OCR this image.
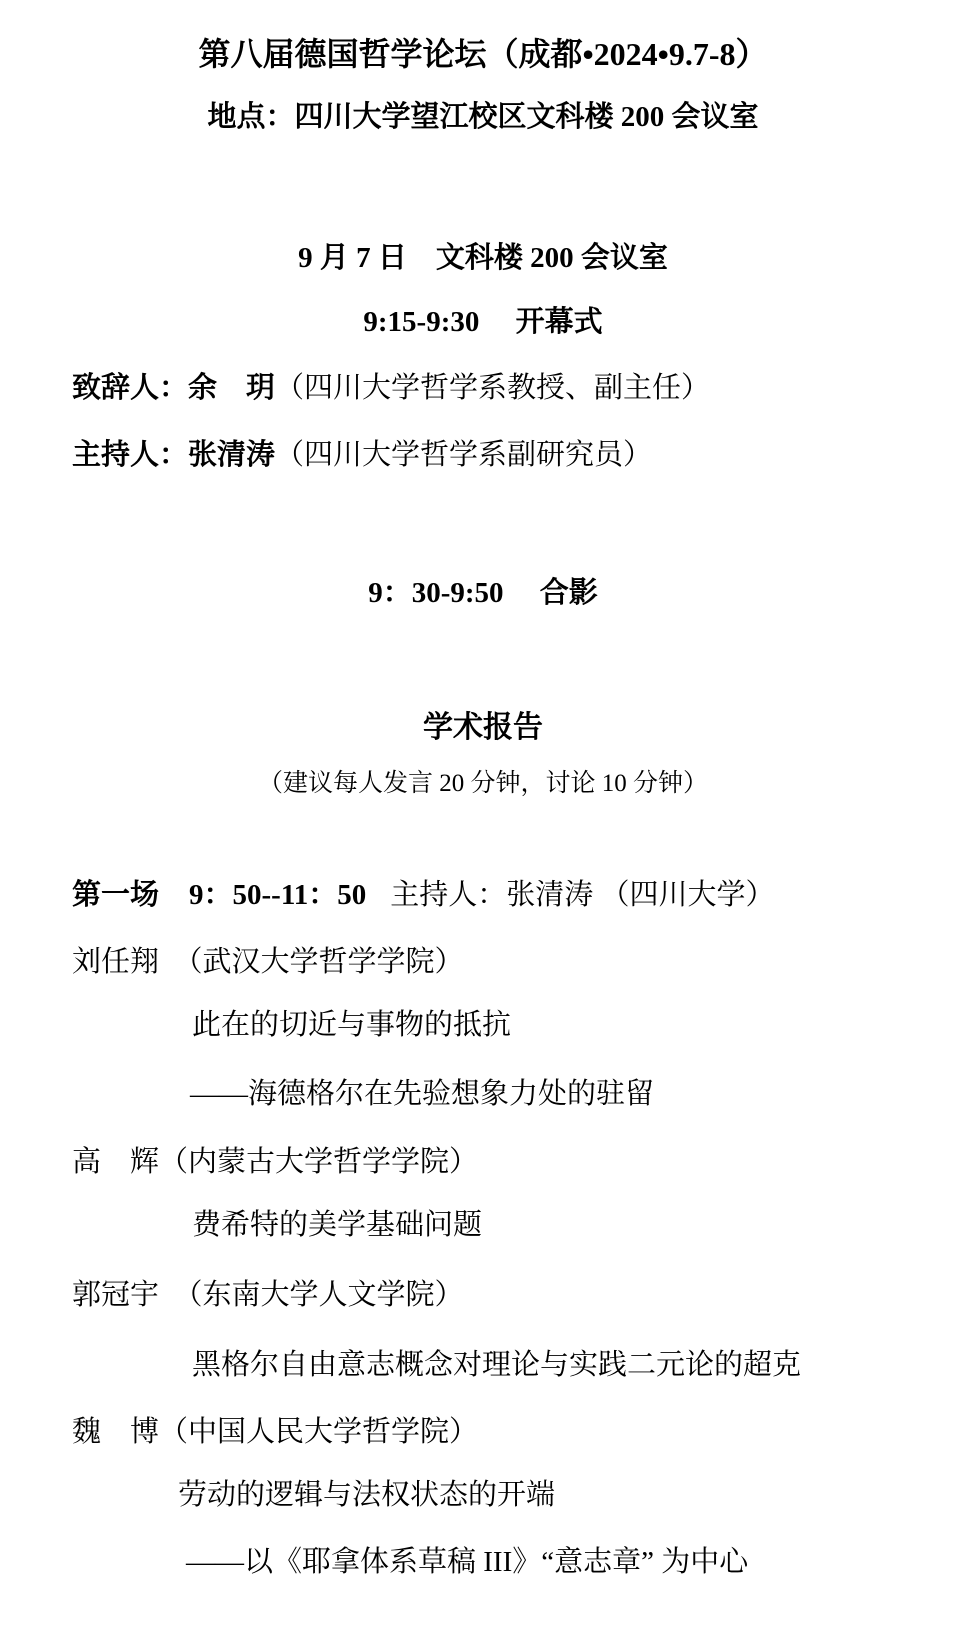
第八届德国哲学论坛（成都•2024•9.7-8）
地点：四川大学望江校区文科楼 200 会议室
9 月 7 日　文科楼 200 会议室
9:15-9:30　 开幕式
致辞人：余　玥（四川大学哲学系教授、副主任）
主持人：张清涛（四川大学哲学系副研究员）
9：30-9:50　 合影
学术报告
（建议每人发言 20 分钟，讨论 10 分钟）
第一场 9：50--11：50 主持人：张清涛 （四川大学）
刘任翔　（武汉大学哲学学院）
此在的切近与事物的抵抗
——海德格尔在先验想象力处的驻留
高　辉（内蒙古大学哲学学院）
费希特的美学基础问题
郭冠宇　（东南大学人文学院）
黑格尔自由意志概念对理论与实践二元论的超克
魏　博（中国人民大学哲学院）
劳动的逻辑与法权状态的开端
——以《耶拿体系草稿 III》“意志章” 为中心
